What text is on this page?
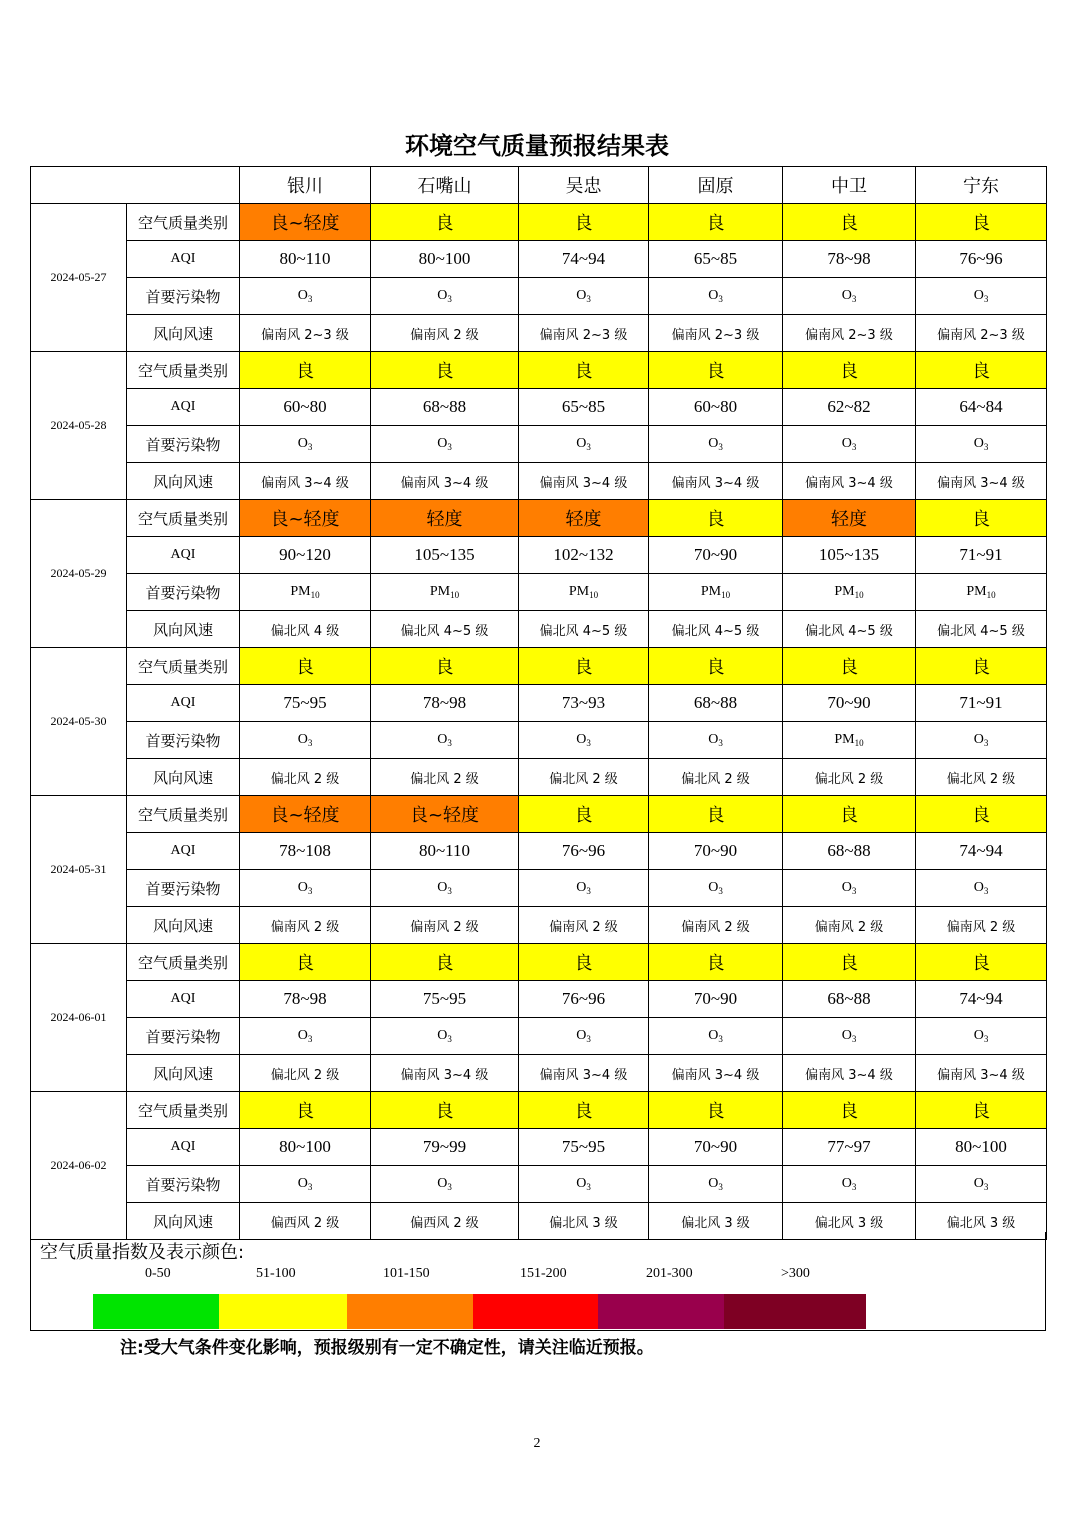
环境空气质量预报结果表
		银川	石嘴山	吴忠	固原	中卫	宁东
2024-05-27	空气质量类别	良~轻度	良	良	良	良	良
	AQI	80~110	80~100	74~94	65~85	78~98	76~96
	首要污染物	$O_3$	$O_3$	$O_3$	$O_3$	$O_3$	$O_3$
	风向风速	偏南风 2~3 级	偏南风 2 级	偏南风 2~3 级	偏南风 2~3 级	偏南风 2~3 级	偏南风 2~3 级
2024-05-28	空气质量类别	良	良	良	良	良	良
	AQI	60~80	68~88	65~85	60~80	62~82	64~84
	首要污染物	$O_3$	$O_3$	$O_3$	$O_3$	$O_3$	$O_3$
	风向风速	偏南风 3~4 级	偏南风 3~4 级	偏南风 3~4 级	偏南风 3~4 级	偏南风 3~4 级	偏南风 3~4 级
2024-05-29	空气质量类别	良~轻度	轻度	轻度	良	轻度	良
	AQI	90~120	105~135	102~132	70~90	105~135	71~91
	首要污染物	$PM_{10}$	$PM_{10}$	$PM_{10}$	$PM_{10}$	$PM_{10}$	$PM_{10}$
	风向风速	偏北风 4 级	偏北风 4~5 级	偏北风 4~5 级	偏北风 4~5 级	偏北风 4~5 级	偏北风 4~5 级
2024-05-30	空气质量类别	良	良	良	良	良	良
	AQI	75~95	78~98	73~93	68~88	70~90	71~91
	首要污染物	$O_3$	$O_3$	$O_3$	$O_3$	$PM_{10}$	$O_3$
	风向风速	偏北风 2 级	偏北风 2 级	偏北风 2 级	偏北风 2 级	偏北风 2 级	偏北风 2 级
2024-05-31	空气质量类别	良~轻度	良~轻度	良	良	良	良
	AQI	78~108	80~110	76~96	70~90	68~88	74~94
	首要污染物	$O_3$	$O_3$	$O_3$	$O_3$	$O_3$	$O_3$
	风向风速	偏南风 2 级	偏南风 2 级	偏南风 2 级	偏南风 2 级	偏南风 2 级	偏南风 2 级
2024-06-01	空气质量类别	良	良	良	良	良	良
	AQI	78~98	75~95	76~96	70~90	68~88	74~94
	首要污染物	$O_3$	$O_3$	$O_3$	$O_3$	$O_3$	$O_3$
	风向风速	偏北风 2 级	偏南风 3~4 级	偏南风 3~4 级	偏南风 3~4 级	偏南风 3~4 级	偏南风 3~4 级
2024-06-02	空气质量类别	良	良	良	良	良	良
	AQI	80~100	79~99	75~95	70~90	77~97	80~100
	首要污染物	$O_3$	$O_3$	$O_3$	$O_3$	$O_3$	$O_3$
	风向风速	偏西风 2 级	偏西风 2 级	偏北风 3 级	偏北风 3 级	偏北风 3 级	偏北风 3 级
空气质量指数及表示颜色:
0-50	51-100	101-150	151-200	201-300	>300
注:受大气条件变化影响，预报级别有一定不确定性，请关注临近预报。
2
